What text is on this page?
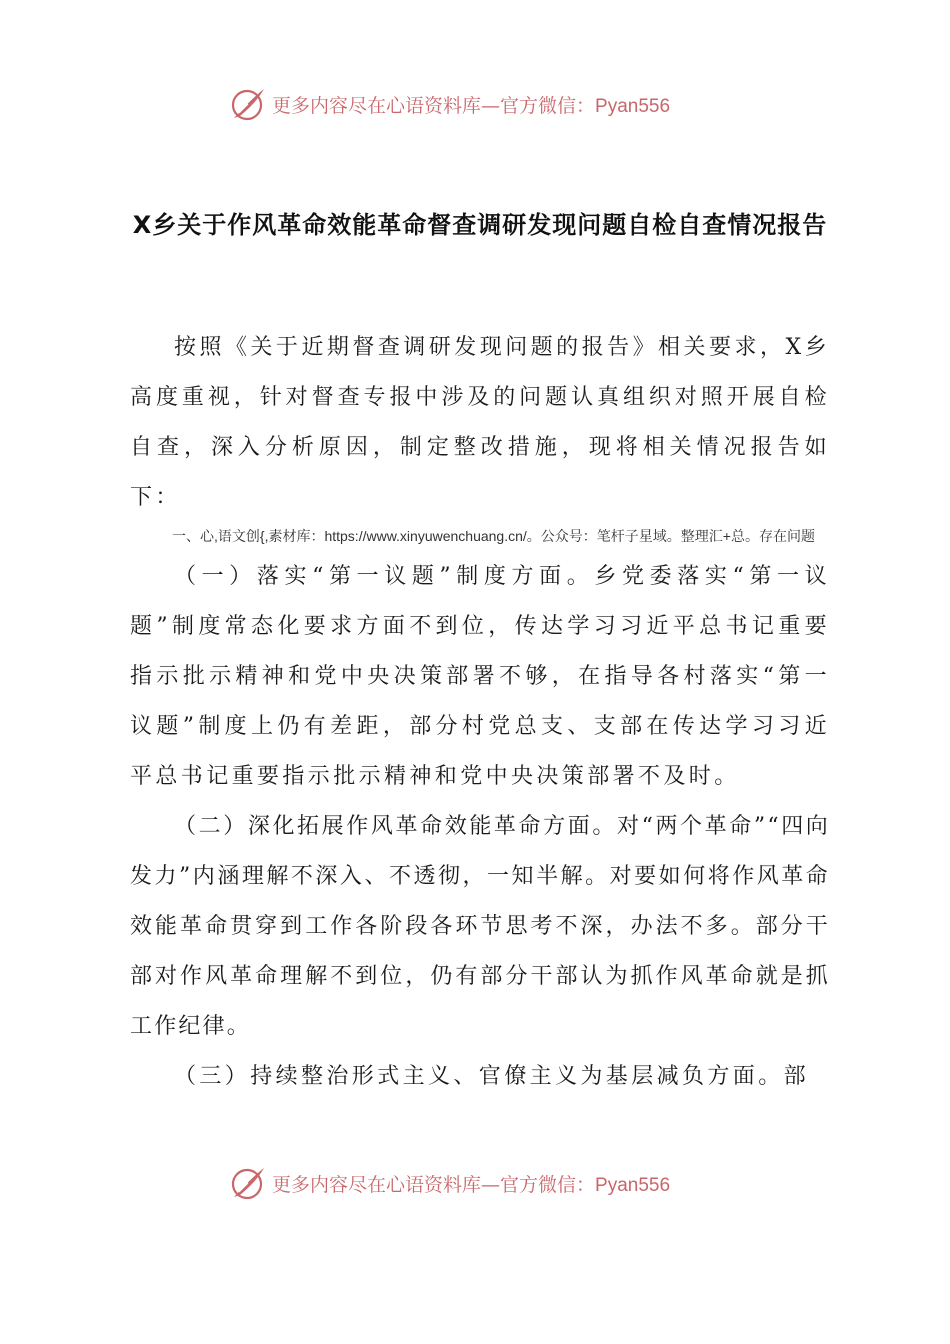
更多内容尽在心语资料库—官方微信：Pyan556
X乡关于作风革命效能革命督查调研发现问题自检自查情况报告

按照《关于近期督查调研发现问题的报告》相关要求，X乡高度重视，针对督查专报中涉及的问题认真组织对照开展自检自查，深入分析原因，制定整改措施，现将相关情况报告如下：

一、心,语文创{,素材库：https://www.xinyuwenchuang.cn/。公众号：笔杆子星域。整理汇+总。存在问题

（一）落实“第一议题”制度方面。乡党委落实“第一议题”制度常态化要求方面不到位，传达学习习近平总书记重要指示批示精神和党中央决策部署不够，在指导各村落实“第一议题”制度上仍有差距，部分村党总支、支部在传达学习习近平总书记重要指示批示精神和党中央决策部署不及时。

（二）深化拓展作风革命效能革命方面。对“两个革命”“四向发力”内涵理解不深入、不透彻，一知半解。对要如何将作风革命效能革命贯穿到工作各阶段各环节思考不深，办法不多。部分干部对作风革命理解不到位，仍有部分干部认为抓作风革命就是抓工作纪律。

（三）持续整治形式主义、官僚主义为基层减负方面。部

更多内容尽在心语资料库—官方微信：Pyan556
